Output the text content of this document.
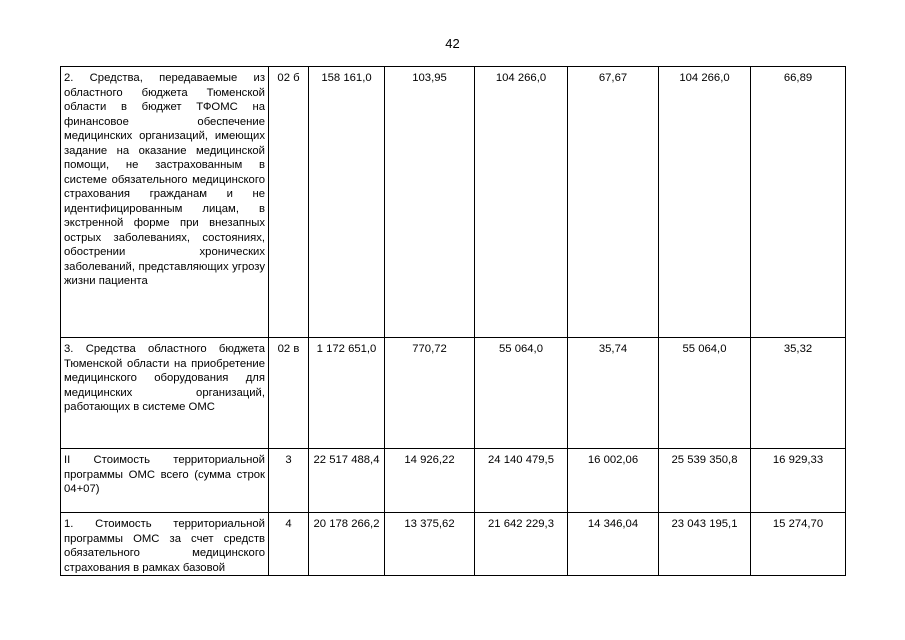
42
2. Средства, передаваемые из областного бюджета Тюменской области в бюджет ТФОМС на финансовое обеспечение медицинских организаций, имеющих задание на оказание медицинской помощи, не застрахованным в системе обязательного медицинского страхования гражданам и не идентифицированным лицам, в экстренной форме при внезапных острых заболеваниях, состояниях, обострении хронических заболеваний, представляющих угрозу жизни пациента	02 б	158 161,0	103,95	104 266,0	67,67	104 266,0	66,89
3. Средства областного бюджета Тюменской области на приобретение медицинского оборудования для медицинских организаций, работающих в системе ОМС	02 в	1 172 651,0	770,72	55 064,0	35,74	55 064,0	35,32
II Стоимость территориальной программы ОМС всего (сумма строк 04+07)	3	22 517 488,4	14 926,22	24 140 479,5	16 002,06	25 539 350,8	16 929,33

1. Стоимость территориальной программы ОМС за счет средств обязательного медицинского страхования в рамках базовой	4	20 178 266,2	13 375,62	21 642 229,3	14 346,04	23 043 195,1	15 274,70
